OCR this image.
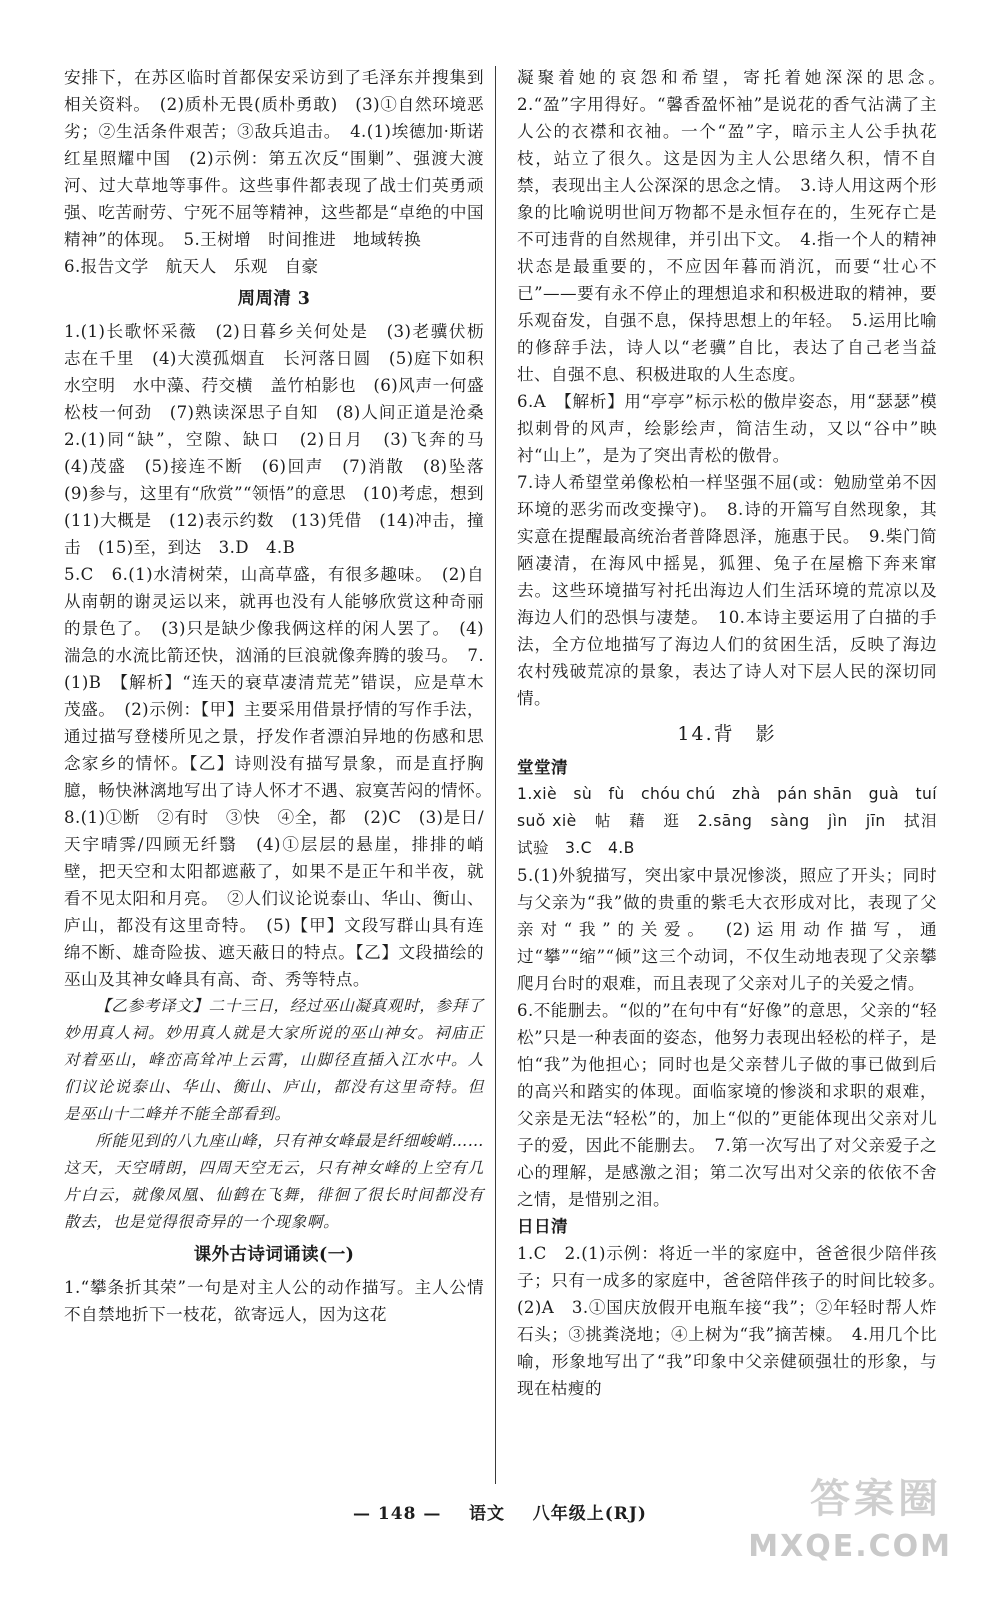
安排下，在苏区临时首都保安采访到了毛泽东并搜集到相关资料。　(2)质朴无畏(质朴勇敢)　(3)①自然环境恶劣；②生活条件艰苦；③敌兵追击。　4.(1)埃德加·斯诺　红星照耀中国　(2)示例：第五次反“围剿”、强渡大渡河、过大草地等事件。这些事件都表现了战士们英勇顽强、吃苦耐劳、宁死不屈等精神，这些都是“卓绝的中国精神”的体现。　5.王树增　时间推进　地域转换

6.报告文学　航天人　乐观　自豪

周周清 3

1.(1)长歌怀采薇　(2)日暮乡关何处是　(3)老骥伏枥　志在千里　(4)大漠孤烟直　长河落日圆　(5)庭下如积水空明　水中藻、荇交横　盖竹柏影也　(6)风声一何盛　松枝一何劲　(7)熟读深思子自知　(8)人间正道是沧桑　2.(1)同“缺”，空隙、缺口　(2)日月　(3)飞奔的马　(4)茂盛　(5)接连不断　(6)回声　(7)消散　(8)坠落　(9)参与，这里有“欣赏”“领悟”的意思　(10)考虑，想到　(11)大概是　(12)表示约数　(13)凭借　(14)冲击，撞击　(15)至，到达　3.D　4.B

5.C　6.(1)水清树荣，山高草盛，有很多趣味。　(2)自从南朝的谢灵运以来，就再也没有人能够欣赏这种奇丽的景色了。　(3)只是缺少像我俩这样的闲人罢了。　(4)湍急的水流比箭还快，汹涌的巨浪就像奔腾的骏马。　7.(1)B　【解析】“连天的衰草凄清荒芜”错误，应是草木茂盛。　(2)示例：【甲】主要采用借景抒情的写作手法，通过描写登楼所见之景，抒发作者漂泊异地的伤感和思念家乡的情怀。【乙】诗则没有描写景象，而是直抒胸臆，畅快淋漓地写出了诗人怀才不遇、寂寞苦闷的情怀。　8.(1)①断　②有时　③快　④全，都　(2)C　(3)是日/天宇晴霁/四顾无纤翳　(4)①层层的悬崖，排排的峭壁，把天空和太阳都遮蔽了，如果不是正午和半夜，就看不见太阳和月亮。　②人们议论说泰山、华山、衡山、庐山，都没有这里奇特。　(5)【甲】文段写群山具有连绵不断、雄奇险拔、遮天蔽日的特点。【乙】文段描绘的巫山及其神女峰具有高、奇、秀等特点。

【乙参考译文】二十三日，经过巫山凝真观时，参拜了妙用真人祠。妙用真人就是大家所说的巫山神女。祠庙正对着巫山，峰峦高耸冲上云霄，山脚径直插入江水中。人们议论说泰山、华山、衡山、庐山，都没有这里奇特。但是巫山十二峰并不能全部看到。

所能见到的八九座山峰，只有神女峰最是纤细峻峭……这天，天空晴朗，四周天空无云，只有神女峰的上空有几片白云，就像凤凰、仙鹤在飞舞，徘徊了很长时间都没有散去，也是觉得很奇异的一个现象啊。

课外古诗词诵读(一)

1.“攀条折其荣”一句是对主人公的动作描写。主人公情不自禁地折下一枝花，欲寄远人，因为这花

凝聚着她的哀怨和希望，寄托着她深深的思念。　2.“盈”字用得好。“馨香盈怀袖”是说花的香气沾满了主人公的衣襟和衣袖。一个“盈”字，暗示主人公手执花枝，站立了很久。这是因为主人公思绪久积，情不自禁，表现出主人公深深的思念之情。　3.诗人用这两个形象的比喻说明世间万物都不是永恒存在的，生死存亡是不可违背的自然规律，并引出下文。　4.指一个人的精神状态是最重要的，不应因年暮而消沉，而要“壮心不已”——要有永不停止的理想追求和积极进取的精神，要乐观奋发，自强不息，保持思想上的年轻。　5.运用比喻的修辞手法，诗人以“老骥”自比，表达了自己老当益壮、自强不息、积极进取的人生态度。

6.A　【解析】用“亭亭”标示松的傲岸姿态，用“瑟瑟”模拟刺骨的风声，绘影绘声，简洁生动，又以“谷中”映衬“山上”，是为了突出青松的傲骨。

7.诗人希望堂弟像松柏一样坚强不屈(或：勉励堂弟不因环境的恶劣而改变操守)。　8.诗的开篇写自然现象，其实意在提醒最高统治者普降恩泽，施惠于民。　9.柴门简陋凄清，在海风中摇晃，狐狸、兔子在屋檐下奔来窜去。这些环境描写衬托出海边人们生活环境的荒凉以及海边人们的恐惧与凄楚。　10.本诗主要运用了白描的手法，全方位地描写了海边人们的贫困生活，反映了海边农村残破荒凉的景象，表达了诗人对下层人民的深切同情。

14.背　影
堂堂清

1.xiè　sù　fù　chóu chú　zhà　pán shān　guà　tuí　suǒ xiè　帖　藉　逛　2.sāng　sàng　jìn　jīn　拭泪　试验　3.C　4.B

5.(1)外貌描写，突出家中景况惨淡，照应了开头；同时与父亲为“我”做的贵重的紫毛大衣形成对比，表现了父亲对“我”的关爱。　(2)运用动作描写，通过“攀”“缩”“倾”这三个动词，不仅生动地表现了父亲攀爬月台时的艰难，而且表现了父亲对儿子的关爱之情。

6.不能删去。“似的”在句中有“好像”的意思，父亲的“轻松”只是一种表面的姿态，他努力表现出轻松的样子，是怕“我”为他担心；同时也是父亲替儿子做的事已做到后的高兴和踏实的体现。面临家境的惨淡和求职的艰难，父亲是无法“轻松”的，加上“似的”更能体现出父亲对儿子的爱，因此不能删去。　7.第一次写出了对父亲爱子之心的理解，是感激之泪；第二次写出对父亲的依依不舍之情，是惜别之泪。

日日清

1.C　2.(1)示例：将近一半的家庭中，爸爸很少陪伴孩子；只有一成多的家庭中，爸爸陪伴孩子的时间比较多。　(2)A　3.①国庆放假开电瓶车接“我”；②年轻时帮人炸石头；③挑粪浇地；④上树为“我”摘苦楝。　4.用几个比喻，形象地写出了“我”印象中父亲健硕强壮的形象，与现在枯瘦的

— 148 — 语文 八年级上(RJ)	答案圈
MXQE.COM
